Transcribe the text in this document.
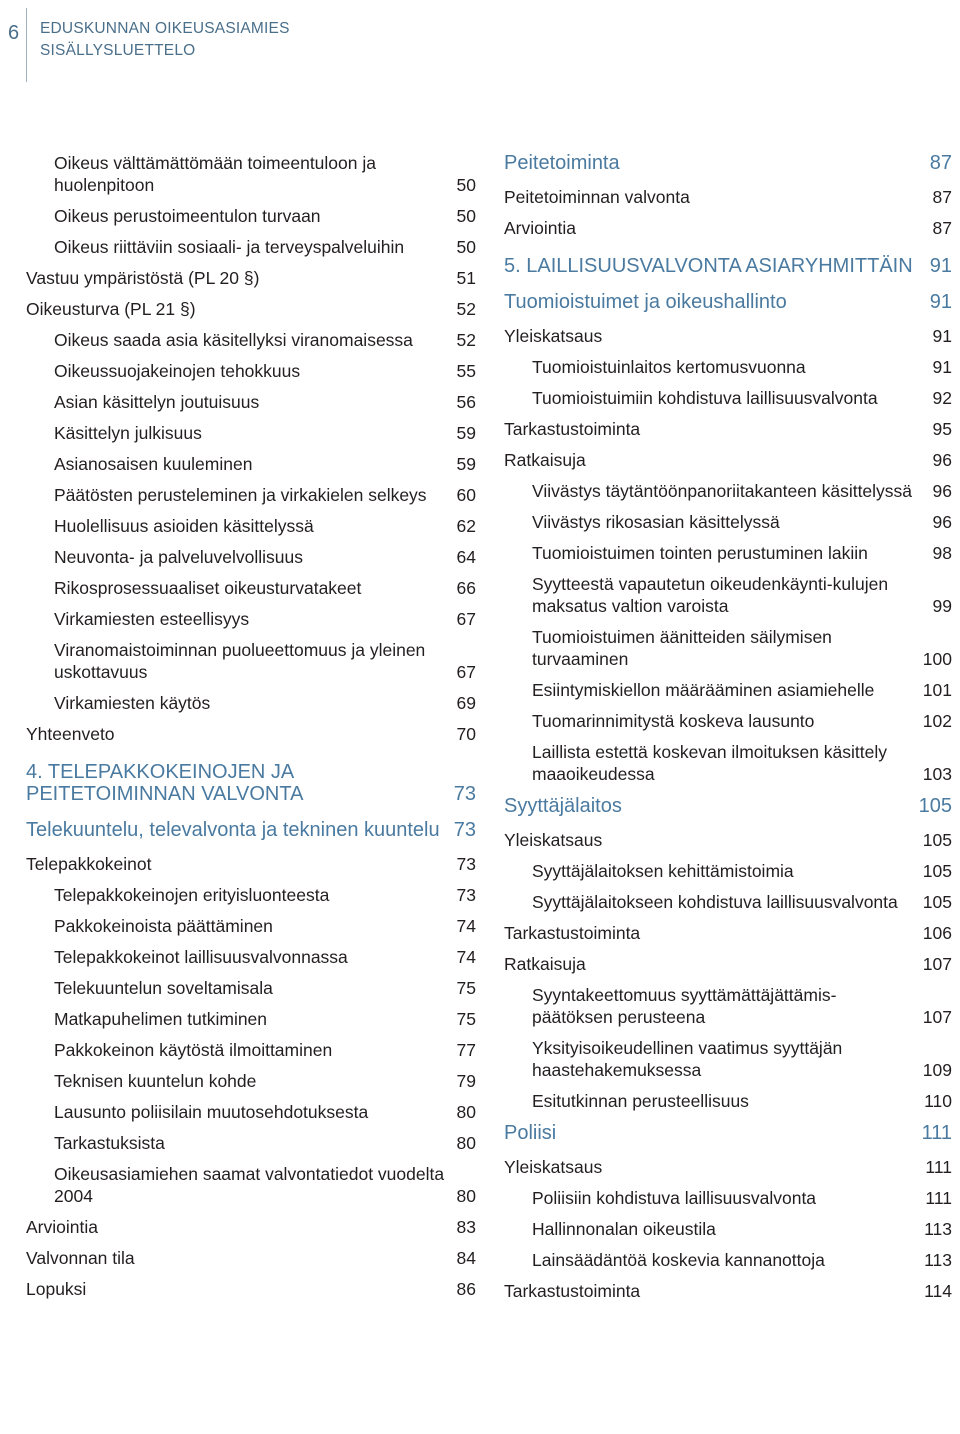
6 EDUSKUNNAN OIKEUSASIAMIES
SISÄLLYSLUETTELO
Oikeus välttämättömään toimeentuloon ja huolenpitoon	50
Oikeus perustoimeentulon turvaan	50
Oikeus riittäviin sosiaali- ja terveyspalveluihin	50
Vastuu ympäristöstä (PL 20 §)	51
Oikeusturva (PL 21 §)	52
Oikeus saada asia käsitellyksi viranomaisessa	52
Oikeussuojakeinojen tehokkuus	55
Asian käsittelyn joutuisuus	56
Käsittelyn julkisuus	59
Asianosaisen kuuleminen	59
Päätösten perusteleminen ja virkakielen selkeys	60
Huolellisuus asioiden käsittelyssä	62
Neuvonta- ja palveluvelvollisuus	64
Rikosprosessuaaliset oikeusturvatakeet	66
Virkamiesten esteellisyys	67
Viranomaistoiminnan puolueettomuus ja yleinen uskottavuus	67
Virkamiesten käytös	69
Yhteenveto	70
4. TELEPAKKOKEINOJEN JA PEITETOIMINNAN VALVONTA	73
Telekuuntelu, televalvonta ja tekninen kuuntelu 73
Telepakkokeinot	73
Telepakkokeinojen erityisluonteesta	73
Pakkokeinoista päättäminen	74
Telepakkokeinot laillisuusvalvonnassa	74
Telekuuntelun soveltamisala	75
Matkapuhelimen tutkiminen	75
Pakkokeinon käytöstä ilmoittaminen	77
Teknisen kuuntelun kohde	79
Lausunto poliisilain muutosehdotuksesta	80
Tarkastuksista	80
Oikeusasiamiehen saamat valvontatiedot vuodelta 2004	80
Arviointia	83
Valvonnan tila	84
Lopuksi	86
Peitetoiminta	87
Peitetoiminnan valvonta	87
Arviointia	87
5. LAILLISUUSVALVONTA ASIARYHMITTÄIN 91
Tuomioistuimet ja oikeushallinto	91
Yleiskatsaus	91
Tuomioistuinlaitos kertomusvuonna	91
Tuomioistuimiin kohdistuva laillisuusvalvonta	92
Tarkastustoiminta	95
Ratkaisuja	96
Viivästys täytäntöönpanoriitakanteen käsittelyssä	96
Viivästys rikosasian käsittelyssä	96
Tuomioistuimen tointen perustuminen lakiin	98
Syytteestä vapautetun oikeudenkäynti-kulujen maksatus valtion varoista	99
Tuomioistuimen äänitteiden säilymisen turvaaminen	100
Esiintymiskiellon määrääminen asiamiehelle	101
Tuomarinnimitystä koskeva lausunto	102
Laillista estettä koskevan ilmoituksen käsittely maaoikeudessa	103
Syyttäjälaitos	105
Yleiskatsaus	105
Syyttäjälaitoksen kehittämistoimia	105
Syyttäjälaitokseen kohdistuva laillisuusvalvonta	105
Tarkastustoiminta	106
Ratkaisuja	107
Syyntakeettomuus syyttämättäjättämis-päätöksen perusteena	107
Yksityisoikeudellinen vaatimus syyttäjän haastehakemuksessa	109
Esitutkinnan perusteellisuus	110
Poliisi	111
Yleiskatsaus	111
Poliisiin kohdistuva laillisuusvalvonta	111
Hallinnonalan oikeustila	113
Lainsäädäntöä koskevia kannanottoja	113
Tarkastustoiminta	114
